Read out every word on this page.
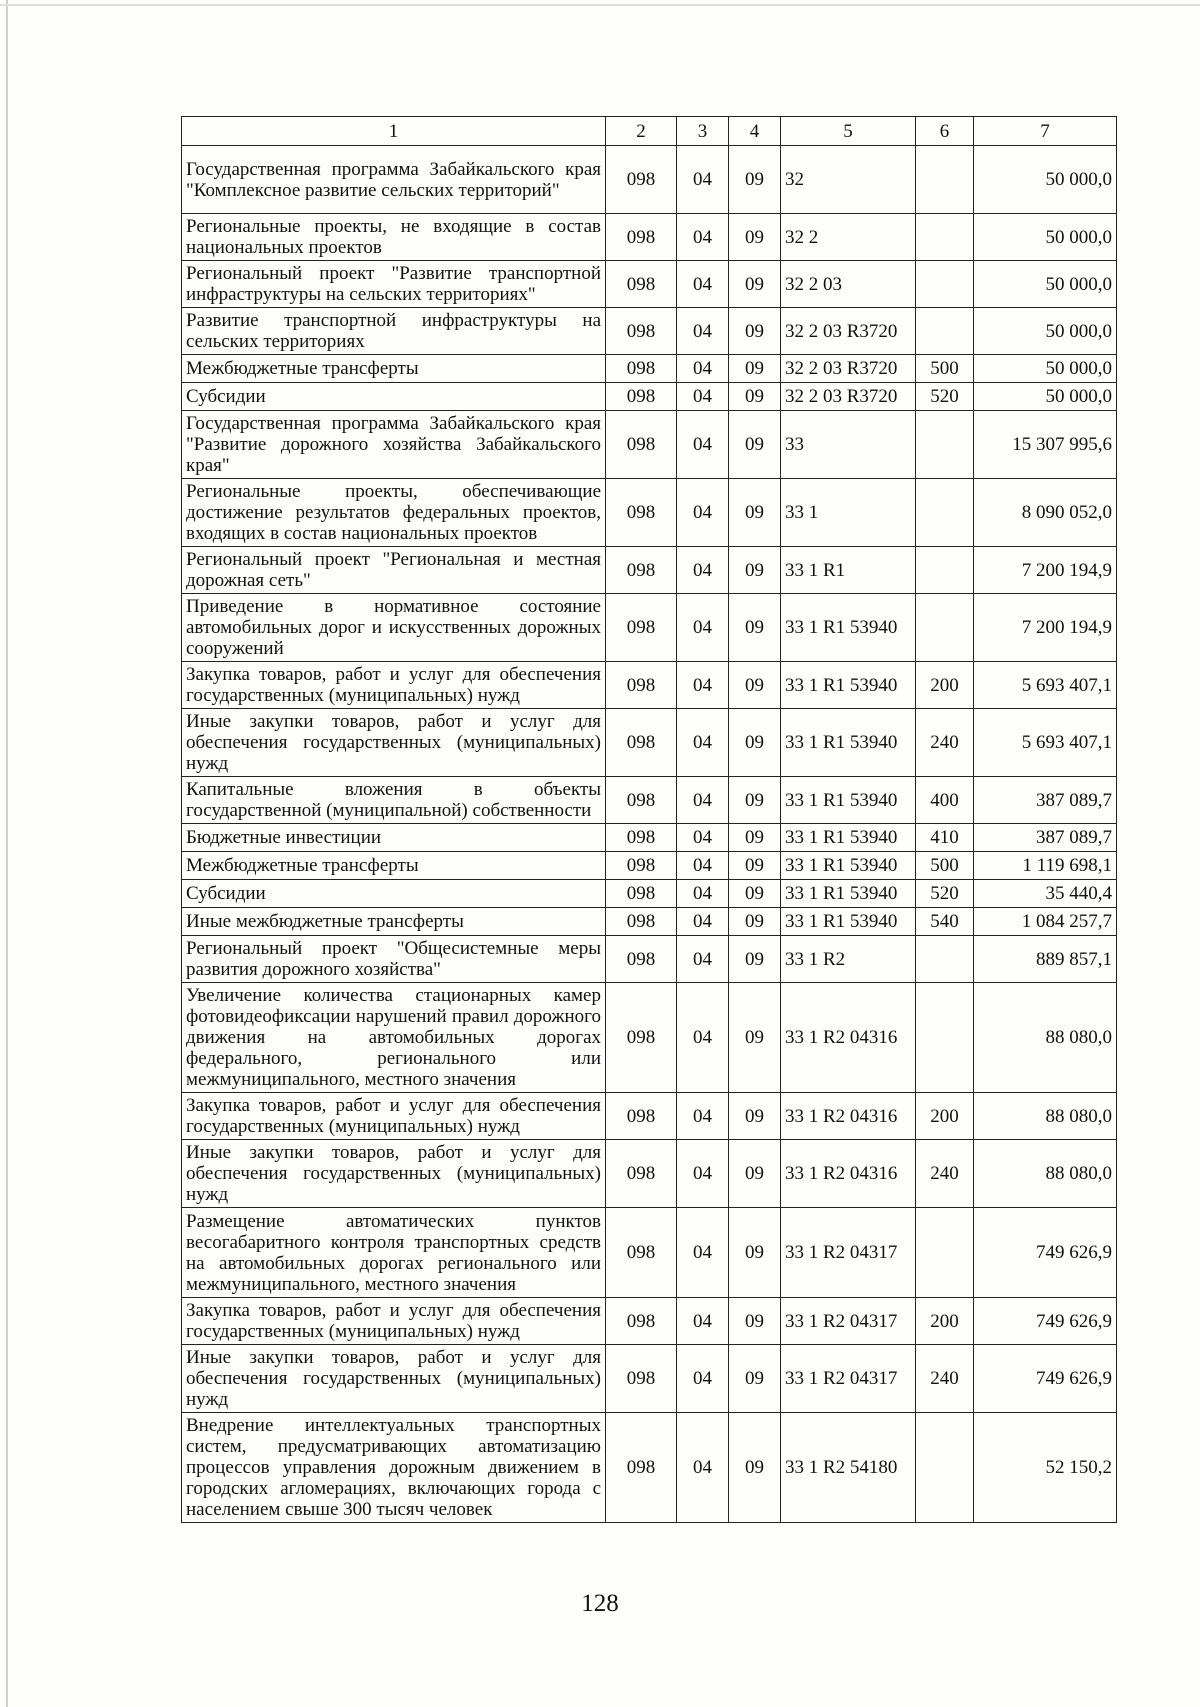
1	2	3	4	5	6	7
Государственная программа Забайкальского края "Комплексное развитие сельских территорий"	098	04	09	32		50 000,0
Региональные проекты, не входящие в состав национальных проектов	098	04	09	32 2		50 000,0
Региональный проект "Развитие транспортной инфраструктуры на сельских территориях"	098	04	09	32 2 03		50 000,0
Развитие транспортной инфраструктуры на сельских территориях	098	04	09	32 2 03 R3720		50 000,0
Межбюджетные трансферты	098	04	09	32 2 03 R3720	500	50 000,0
Субсидии	098	04	09	32 2 03 R3720	520	50 000,0
Государственная программа Забайкальского края "Развитие дорожного хозяйства Забайкальского края"	098	04	09	33		15 307 995,6
Региональные проекты, обеспечивающие достижение результатов федеральных проектов, входящих в состав национальных проектов	098	04	09	33 1		8 090 052,0
Региональный проект "Региональная и местная дорожная сеть"	098	04	09	33 1 R1		7 200 194,9
Приведение в нормативное состояние автомобильных дорог и искусственных дорожных сооружений	098	04	09	33 1 R1 53940		7 200 194,9
Закупка товаров, работ и услуг для обеспечения государственных (муниципальных) нужд	098	04	09	33 1 R1 53940	200	5 693 407,1
Иные закупки товаров, работ и услуг для обеспечения государственных (муниципальных) нужд	098	04	09	33 1 R1 53940	240	5 693 407,1
Капитальные вложения в объекты государственной (муниципальной) собственности	098	04	09	33 1 R1 53940	400	387 089,7
Бюджетные инвестиции	098	04	09	33 1 R1 53940	410	387 089,7
Межбюджетные трансферты	098	04	09	33 1 R1 53940	500	1 119 698,1
Субсидии	098	04	09	33 1 R1 53940	520	35 440,4
Иные межбюджетные трансферты	098	04	09	33 1 R1 53940	540	1 084 257,7
Региональный проект "Общесистемные меры развития дорожного хозяйства"	098	04	09	33 1 R2		889 857,1
Увеличение количества стационарных камер фотовидеофиксации нарушений правил дорожного движения на автомобильных дорогах федерального, регионального или межмуниципального, местного значения	098	04	09	33 1 R2 04316		88 080,0
Закупка товаров, работ и услуг для обеспечения государственных (муниципальных) нужд	098	04	09	33 1 R2 04316	200	88 080,0
Иные закупки товаров, работ и услуг для обеспечения государственных (муниципальных) нужд	098	04	09	33 1 R2 04316	240	88 080,0
Размещение автоматических пунктов весогабаритного контроля транспортных средств на автомобильных дорогах регионального или межмуниципального, местного значения	098	04	09	33 1 R2 04317		749 626,9
Закупка товаров, работ и услуг для обеспечения государственных (муниципальных) нужд	098	04	09	33 1 R2 04317	200	749 626,9
Иные закупки товаров, работ и услуг для обеспечения государственных (муниципальных) нужд	098	04	09	33 1 R2 04317	240	749 626,9
Внедрение интеллектуальных транспортных систем, предусматривающих автоматизацию процессов управления дорожным движением в городских агломерациях, включающих города с населением свыше 300 тысяч человек	098	04	09	33 1 R2 54180		52 150,2
128
